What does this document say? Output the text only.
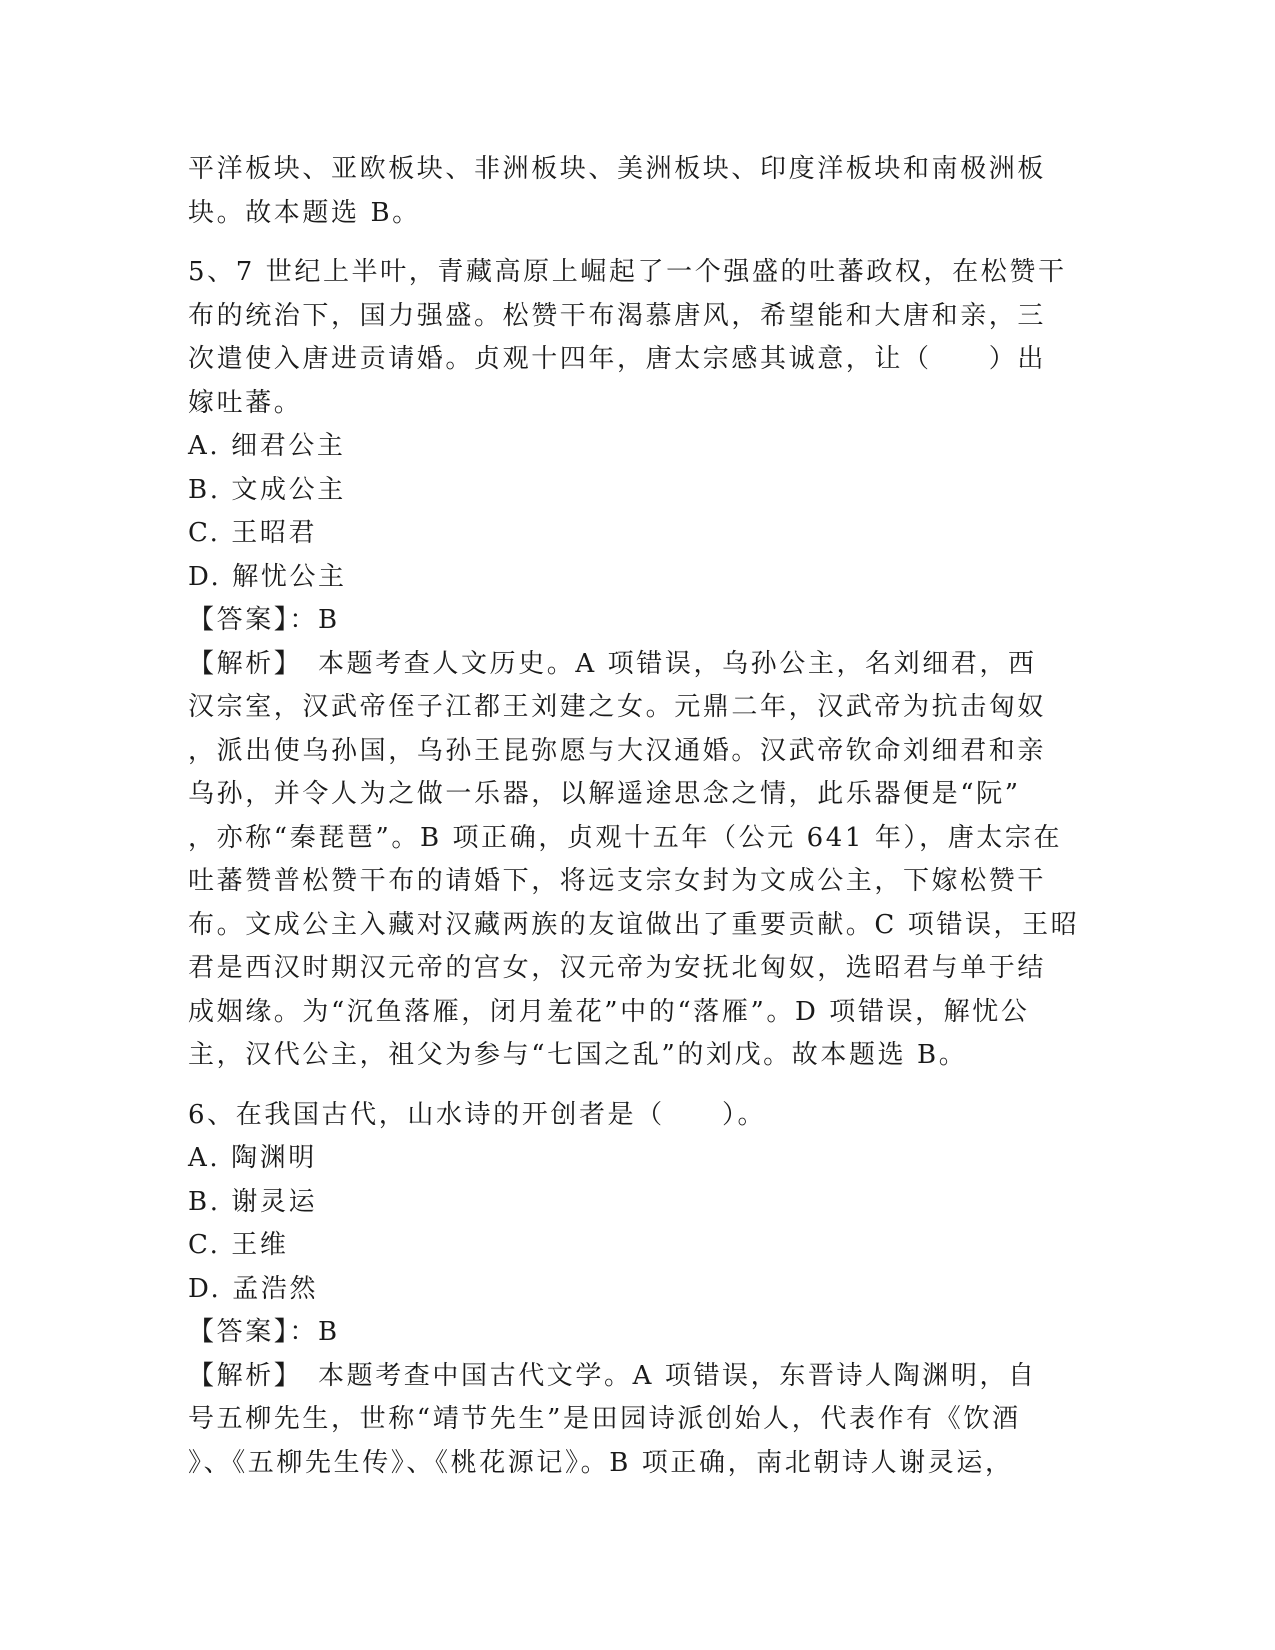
平洋板块、亚欧板块、非洲板块、美洲板块、印度洋板块和南极洲板
块。故本题选 B。
5、7 世纪上半叶，青藏高原上崛起了一个强盛的吐蕃政权，在松赞干
布的统治下，国力强盛。松赞干布渴慕唐风，希望能和大唐和亲，三
次遣使入唐进贡请婚。贞观十四年，唐太宗感其诚意，让（　　）出
嫁吐蕃。
A. 细君公主
B. 文成公主
C. 王昭君
D. 解忧公主
【答案】：B
【解析】　本题考查人文历史。A 项错误，乌孙公主，名刘细君，西
汉宗室，汉武帝侄子江都王刘建之女。元鼎二年，汉武帝为抗击匈奴
，派出使乌孙国，乌孙王昆弥愿与大汉通婚。汉武帝钦命刘细君和亲
乌孙，并令人为之做一乐器，以解遥途思念之情，此乐器便是“阮”
，亦称“秦琵琶”。B 项正确，贞观十五年（公元 641 年），唐太宗在
吐蕃赞普松赞干布的请婚下，将远支宗女封为文成公主，下嫁松赞干
布。文成公主入藏对汉藏两族的友谊做出了重要贡献。C 项错误，王昭
君是西汉时期汉元帝的宫女，汉元帝为安抚北匈奴，选昭君与单于结
成姻缘。为“沉鱼落雁，闭月羞花”中的“落雁”。D 项错误，解忧公
主，汉代公主，祖父为参与“七国之乱”的刘戊。故本题选 B。
6、在我国古代，山水诗的开创者是（　　）。
A. 陶渊明
B. 谢灵运
C. 王维
D. 孟浩然
【答案】：B
【解析】　本题考查中国古代文学。A 项错误，东晋诗人陶渊明，自
号五柳先生，世称“靖节先生”是田园诗派创始人，代表作有《饮酒
》、《五柳先生传》、《桃花源记》。B 项正确，南北朝诗人谢灵运，
